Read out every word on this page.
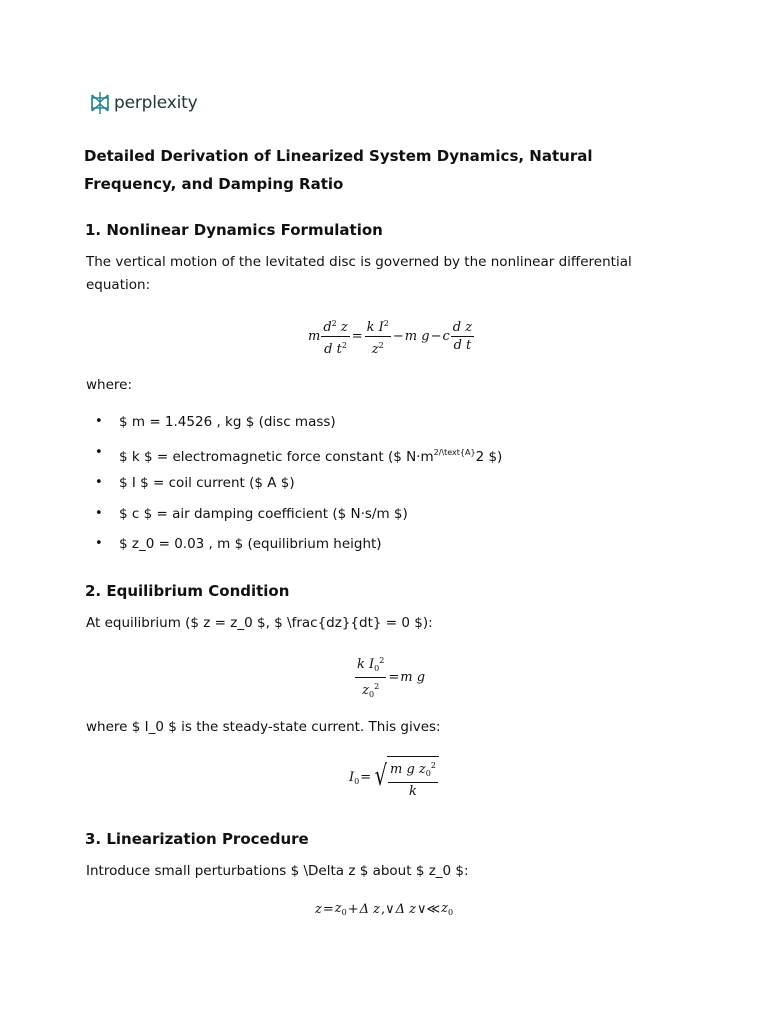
perplexity
Detailed Derivation of Linearized System Dynamics, Natural Frequency, and Damping Ratio
1. Nonlinear Dynamics Formulation

The vertical motion of the levitated disc is governed by the nonlinear differential equation:

m $\frac{d^2 z}{d t^2} = \frac{k I^2}{z^2} - m$ g − c $\frac{\text{d z}}{\text{d t}}$

where:

• $ m = 1.4526 , kg $ (disc mass)
• $ k $ = electromagnetic force constant ($ $N\cdot m^{2/\backslash text\{A\}}2$ $)
• $ I $ = coil current ($ A $)
• $ c $ = air damping coefficient ($ N·s/m $)
• $ z_0 = 0.03 , m $ (equilibrium height)
2. Equilibrium Condition

At equilibrium ($ z = z_0 $, $ \frac{dz}{dt} = 0 $):

$\frac{k I_0^2}{z_0^2} = m$ g

where $ I_0 $ is the steady-state current. This gives:

$I_0$ = √ $\frac{m g z_0^2}{k}$
3. Linearization Procedure

Introduce small perturbations $ \Delta z $ about $ z_0 $:

$z = z_0 + \Delta$ z ,∨ Δ z ∨≪ $z_0$
